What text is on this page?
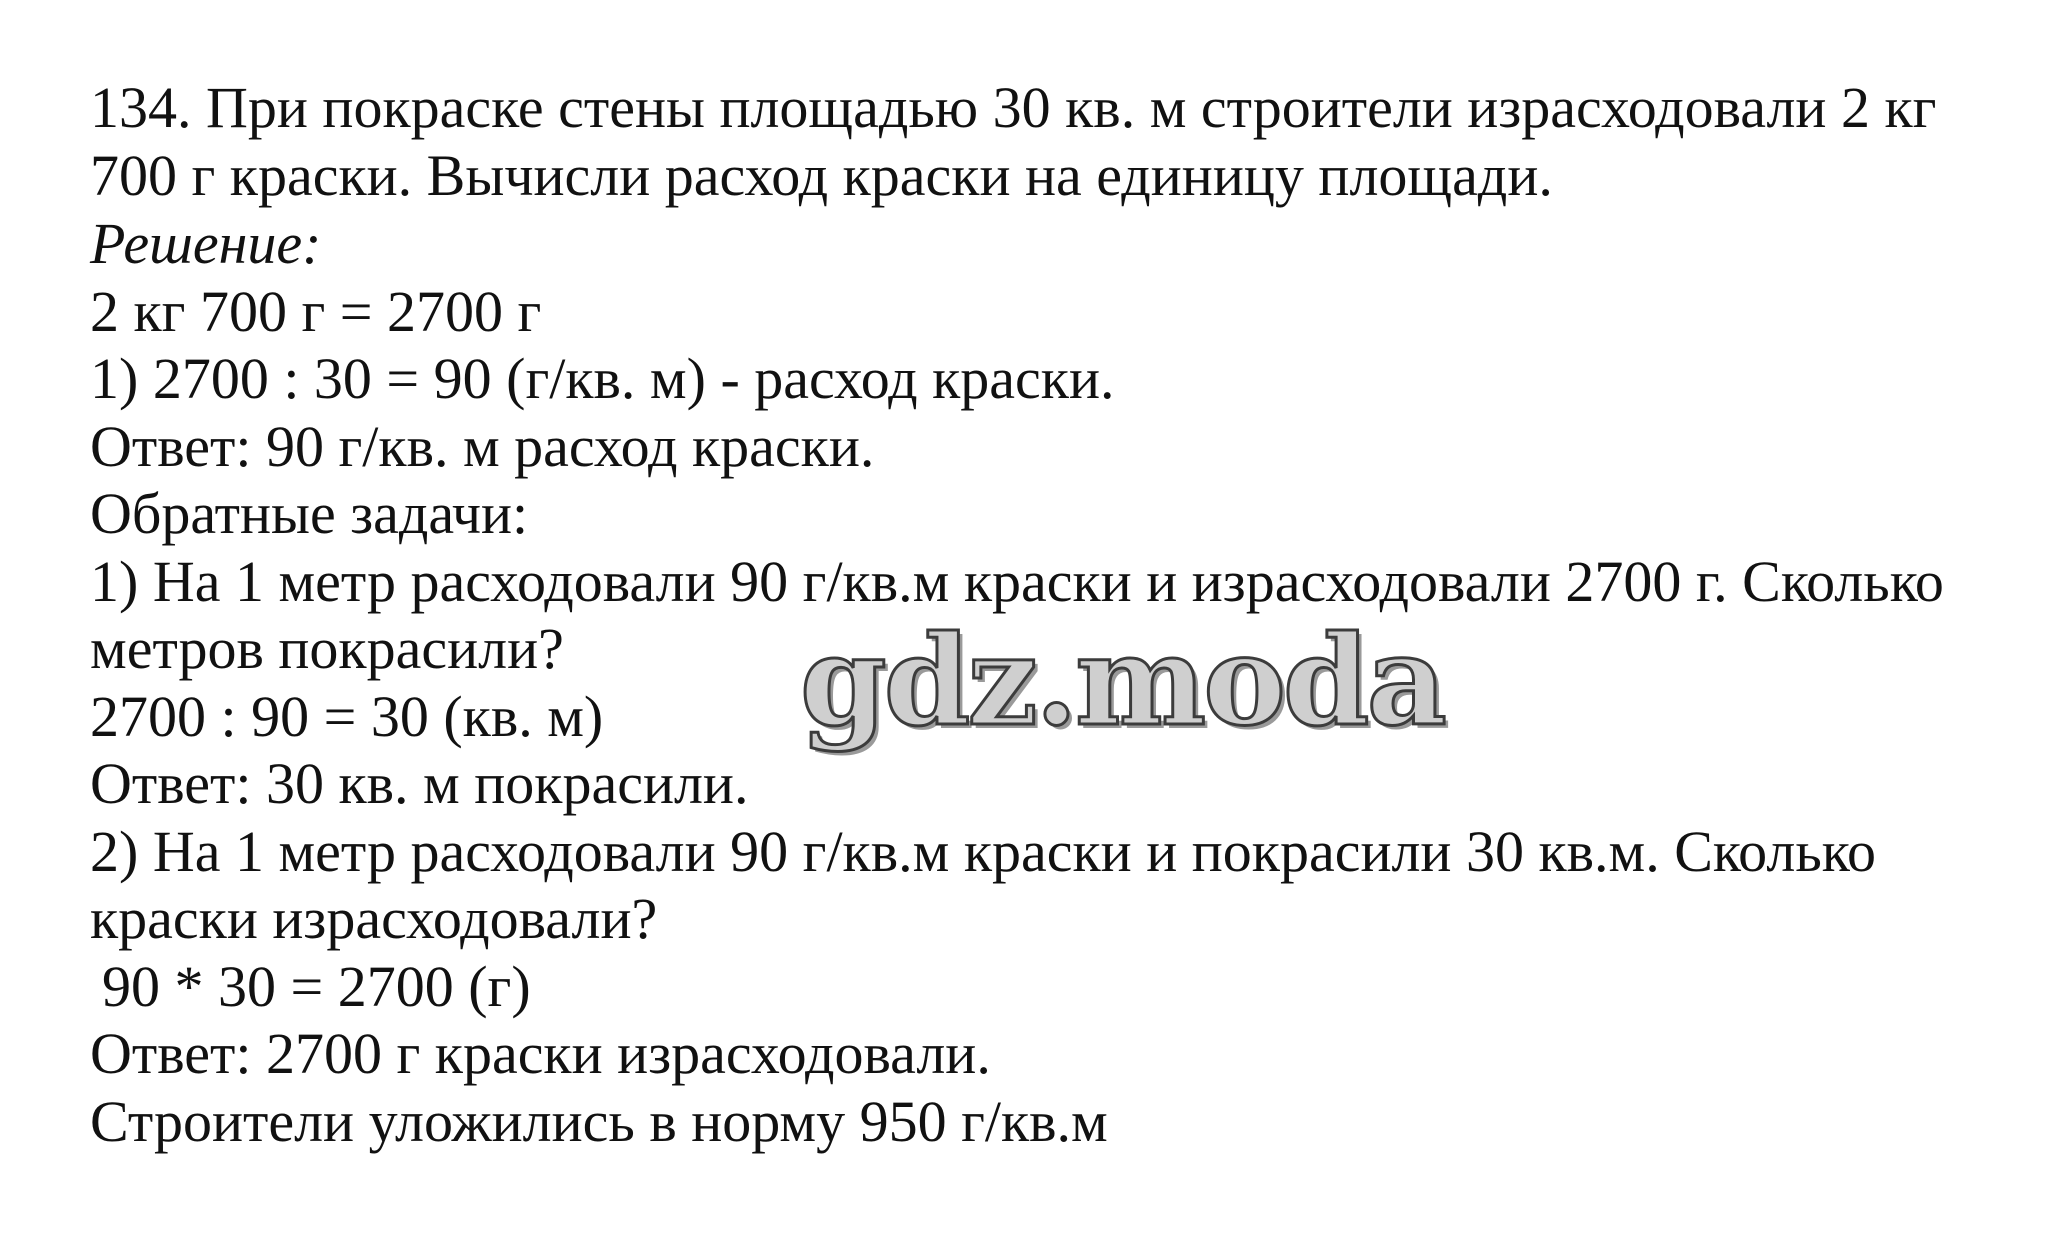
134. При покраске стены площадью 30 кв. м строители израсходовали 2 кг

700 г краски. Вычисли расход краски на единицу площади.

Решение:

2 кг 700 г = 2700 г

1) 2700 : 30 = 90 (г/кв. м) - расход краски.

Ответ: 90 г/кв. м расход краски.

Обратные задачи:

1) На 1 метр расходовали 90 г/кв.м краски и израсходовали 2700 г. Сколько

метров покрасили?

2700 : 90 = 30 (кв. м)

Ответ: 30 кв. м покрасили.

2) На 1 метр расходовали 90 г/кв.м краски и покрасили 30 кв.м. Сколько

краски израсходовали?

90 * 30 = 2700 (г)

Ответ: 2700 г краски израсходовали.

Строители уложились в норму 950 г/кв.м

gdz.moda
